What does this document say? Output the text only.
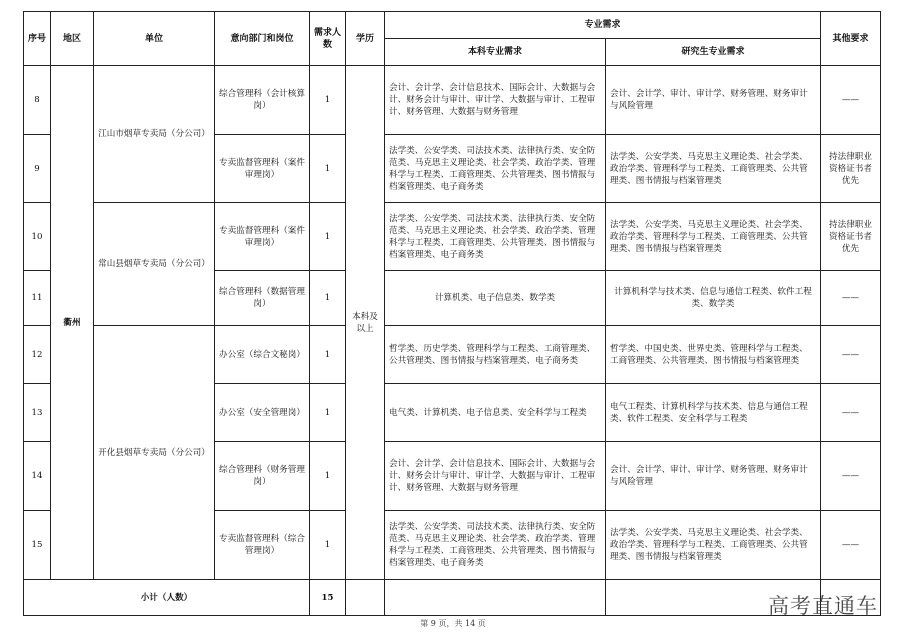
序号	地区	单位	意向部门和岗位	需求人数	学历	专业需求		其他要求
						本科专业需求	研究生专业需求	
8	衢州	江山市烟草专卖局（分公司）	综合管理科（会计核算岗）	1	本科及以上	会计、会计学、会计信息技术、国际会计、大数据与会计、财务会计与审计、审计学、大数据与审计、工程审计、财务管理、大数据与财务管理	会计、会计学、审计、审计学、财务管理、财务审计与风险管理	——
9			专卖监督管理科（案件审理岗）	1		法学类、公安学类、司法技术类、法律执行类、安全防范类、马克思主义理论类、社会学类、政治学类、管理科学与工程类、工商管理类、公共管理类、图书情报与档案管理类、电子商务类	法学类、公安学类、马克思主义理论类、社会学类、政治学类、管理科学与工程类、工商管理类、公共管理类、图书情报与档案管理类	持法律职业资格证书者优先
10		常山县烟草专卖局（分公司）	专卖监督管理科（案件审理岗）	1		法学类、公安学类、司法技术类、法律执行类、安全防范类、马克思主义理论类、社会学类、政治学类、管理科学与工程类、工商管理类、公共管理类、图书情报与档案管理类、电子商务类	法学类、公安学类、马克思主义理论类、社会学类、政治学类、管理科学与工程类、工商管理类、公共管理类、图书情报与档案管理类	持法律职业资格证书者优先
11			综合管理科（数据管理岗）	1		计算机类、电子信息类、数学类	计算机科学与技术类、信息与通信工程类、软件工程类、数学类	——
12		开化县烟草专卖局（分公司）	办公室（综合文秘岗）	1		哲学类、历史学类、管理科学与工程类、工商管理类、公共管理类、图书情报与档案管理类、电子商务类	哲学类、中国史类、世界史类、管理科学与工程类、工商管理类、公共管理类、图书情报与档案管理类	——
13			办公室（安全管理岗）	1		电气类、计算机类、电子信息类、安全科学与工程类	电气工程类、计算机科学与技术类、信息与通信工程类、软件工程类、安全科学与工程类	——
14			综合管理科（财务管理岗）	1		会计、会计学、会计信息技术、国际会计、大数据与会计、财务会计与审计、审计学、大数据与审计、工程审计、财务管理、大数据与财务管理	会计、会计学、审计、审计学、财务管理、财务审计与风险管理	——
15			专卖监督管理科（综合管理岗）	1		法学类、公安学类、司法技术类、法律执行类、安全防范类、马克思主义理论类、社会学类、政治学类、管理科学与工程类、工商管理类、公共管理类、图书情报与档案管理类、电子商务类	法学类、公安学类、马克思主义理论类、社会学类、政治学类、管理科学与工程类、工商管理类、公共管理类、图书情报与档案管理类	——
小计（人数）				15				
第 9 页，共 14 页
高考直通车
